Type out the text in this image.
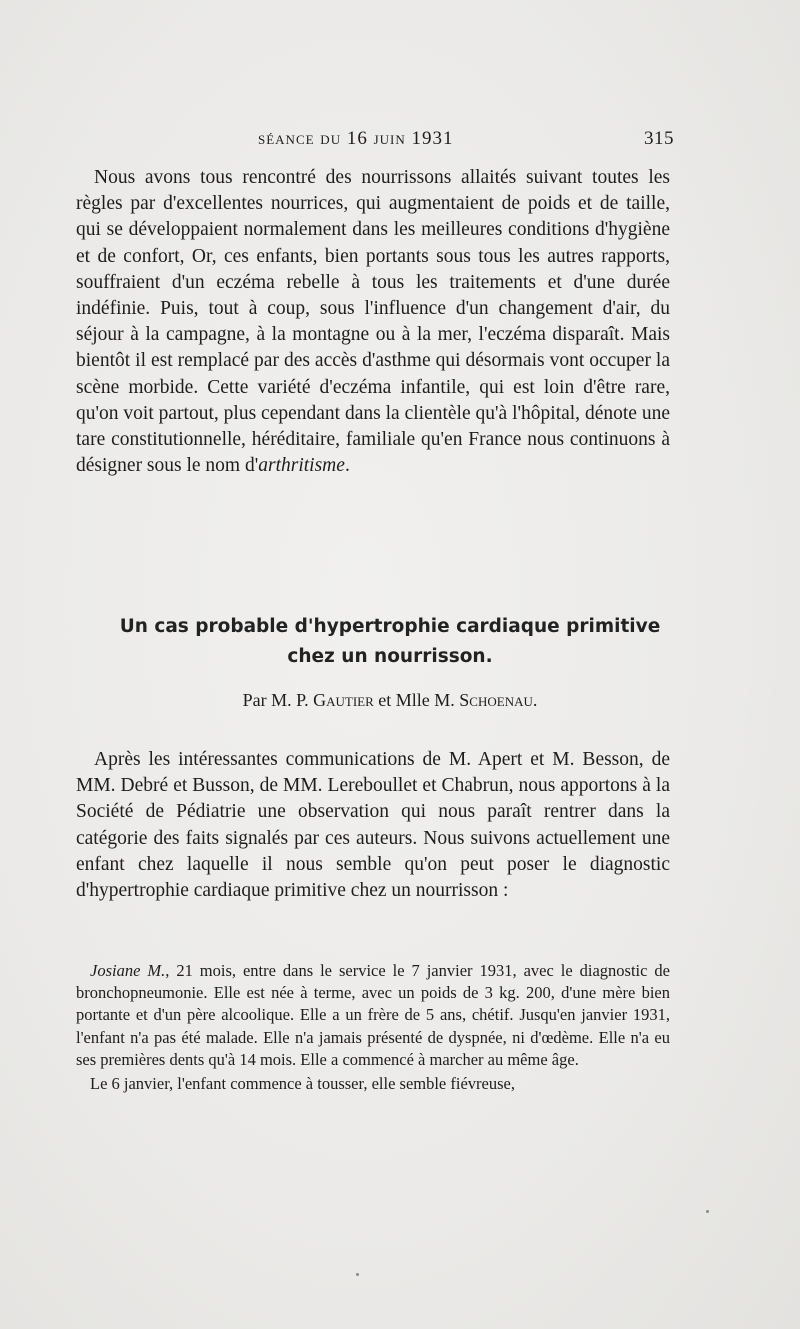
séance du 16 juin 1931	315

Nous avons tous rencontré des nourrissons allaités suivant toutes les règles par d'excellentes nourrices, qui augmentaient de poids et de taille, qui se développaient normalement dans les meilleures conditions d'hygiène et de confort, Or, ces enfants, bien portants sous tous les autres rapports, souffraient d'un eczéma rebelle à tous les traitements et d'une durée indéfinie. Puis, tout à coup, sous l'influence d'un changement d'air, du séjour à la campagne, à la montagne ou à la mer, l'eczéma disparaît. Mais bientôt il est remplacé par des accès d'asthme qui désormais vont occuper la scène morbide. Cette variété d'eczéma infantile, qui est loin d'être rare, qu'on voit partout, plus cependant dans la clientèle qu'à l'hôpital, dénote une tare constitutionnelle, héréditaire, familiale qu'en France nous continuons à désigner sous le nom d'arthritisme.

Un cas probable d'hypertrophie cardiaque primitive
chez un nourrisson.
Par M. P. Gautier et Mlle M. Schoenau.

Après les intéressantes communications de M. Apert et M. Besson, de MM. Debré et Busson, de MM. Lereboullet et Chabrun, nous apportons à la Société de Pédiatrie une observation qui nous paraît rentrer dans la catégorie des faits signalés par ces auteurs. Nous suivons actuellement une enfant chez laquelle il nous semble qu'on peut poser le diagnostic d'hypertrophie cardiaque primitive chez un nourrisson :

Josiane M., 21 mois, entre dans le service le 7 janvier 1931, avec le diagnostic de bronchopneumonie. Elle est née à terme, avec un poids de 3 kg. 200, d'une mère bien portante et d'un père alcoolique. Elle a un frère de 5 ans, chétif. Jusqu'en janvier 1931, l'enfant n'a pas été malade. Elle n'a jamais présenté de dyspnée, ni d'œdème. Elle n'a eu ses premières dents qu'à 14 mois. Elle a commencé à marcher au même âge.

Le 6 janvier, l'enfant commence à tousser, elle semble fiévreuse,
